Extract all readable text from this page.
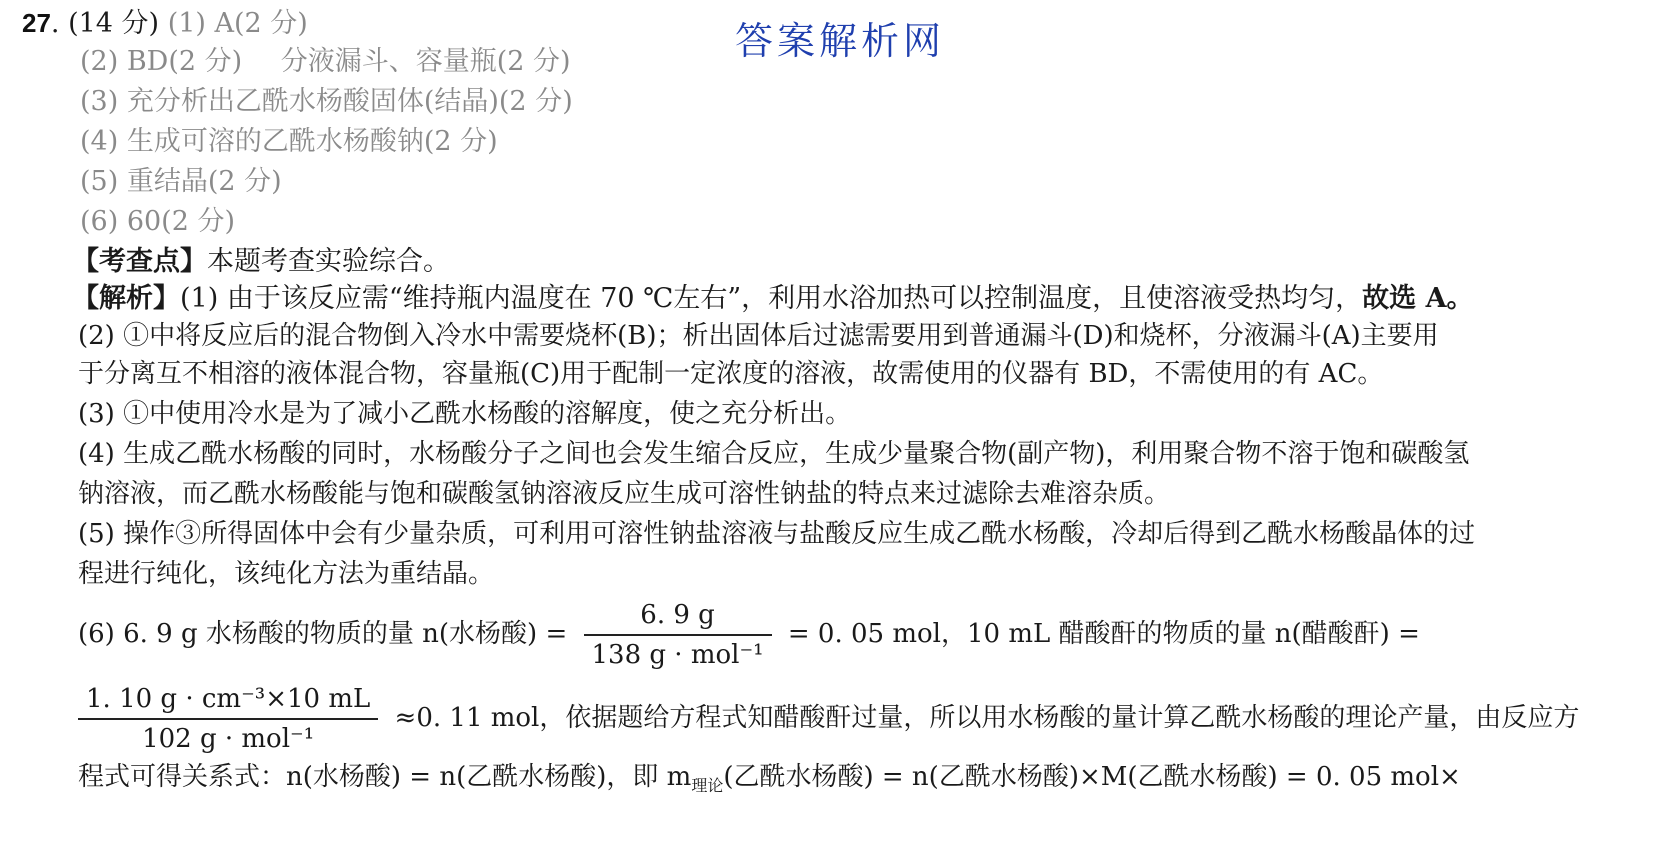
答案解析网
27. (14 分) (1) A(2 分)
(2) BD(2 分) 分液漏斗、容量瓶(2 分)
(3) 充分析出乙酰水杨酸固体(结晶)(2 分)
(4) 生成可溶的乙酰水杨酸钠(2 分)
(5) 重结晶(2 分)
(6) 60(2 分)
【考查点】本题考查实验综合。
【解析】(1) 由于该反应需“维持瓶内温度在 70 ℃左右”，利用水浴加热可以控制温度，且使溶液受热均匀，故选 A。
(2) ①中将反应后的混合物倒入冷水中需要烧杯(B)；析出固体后过滤需要用到普通漏斗(D)和烧杯，分液漏斗(A)主要用
于分离互不相溶的液体混合物，容量瓶(C)用于配制一定浓度的溶液，故需使用的仪器有 BD，不需使用的有 AC。
(3) ①中使用冷水是为了减小乙酰水杨酸的溶解度，使之充分析出。
(4) 生成乙酰水杨酸的同时，水杨酸分子之间也会发生缩合反应，生成少量聚合物(副产物)，利用聚合物不溶于饱和碳酸氢
钠溶液，而乙酰水杨酸能与饱和碳酸氢钠溶液反应生成可溶性钠盐的特点来过滤除去难溶杂质。
(5) 操作③所得固体中会有少量杂质，可利用可溶性钠盐溶液与盐酸反应生成乙酰水杨酸，冷却后得到乙酰水杨酸晶体的过
程进行纯化，该纯化方法为重结晶。
(6) 6. 9 g 水杨酸的物质的量 n(水杨酸) = $\frac{6. 9 g}{\text{138 g · mol⁻¹}} = 0$. 05 mol，10 mL 醋酸酐的物质的量 n(醋酸酐) =
$\frac{\text{1. 10 g · cm⁻³×10 mL}}{\text{102 g · mol⁻¹}} \approx 0$. 11 mol，依据题给方程式知醋酸酐过量，所以用水杨酸的量计算乙酰水杨酸的理论产量，由反应方
程式可得关系式：n(水杨酸) = n(乙酰水杨酸)，即 $m_{理论}$(乙酰水杨酸) = n(乙酰水杨酸)×M(乙酰水杨酸) = 0. 05 mol×
